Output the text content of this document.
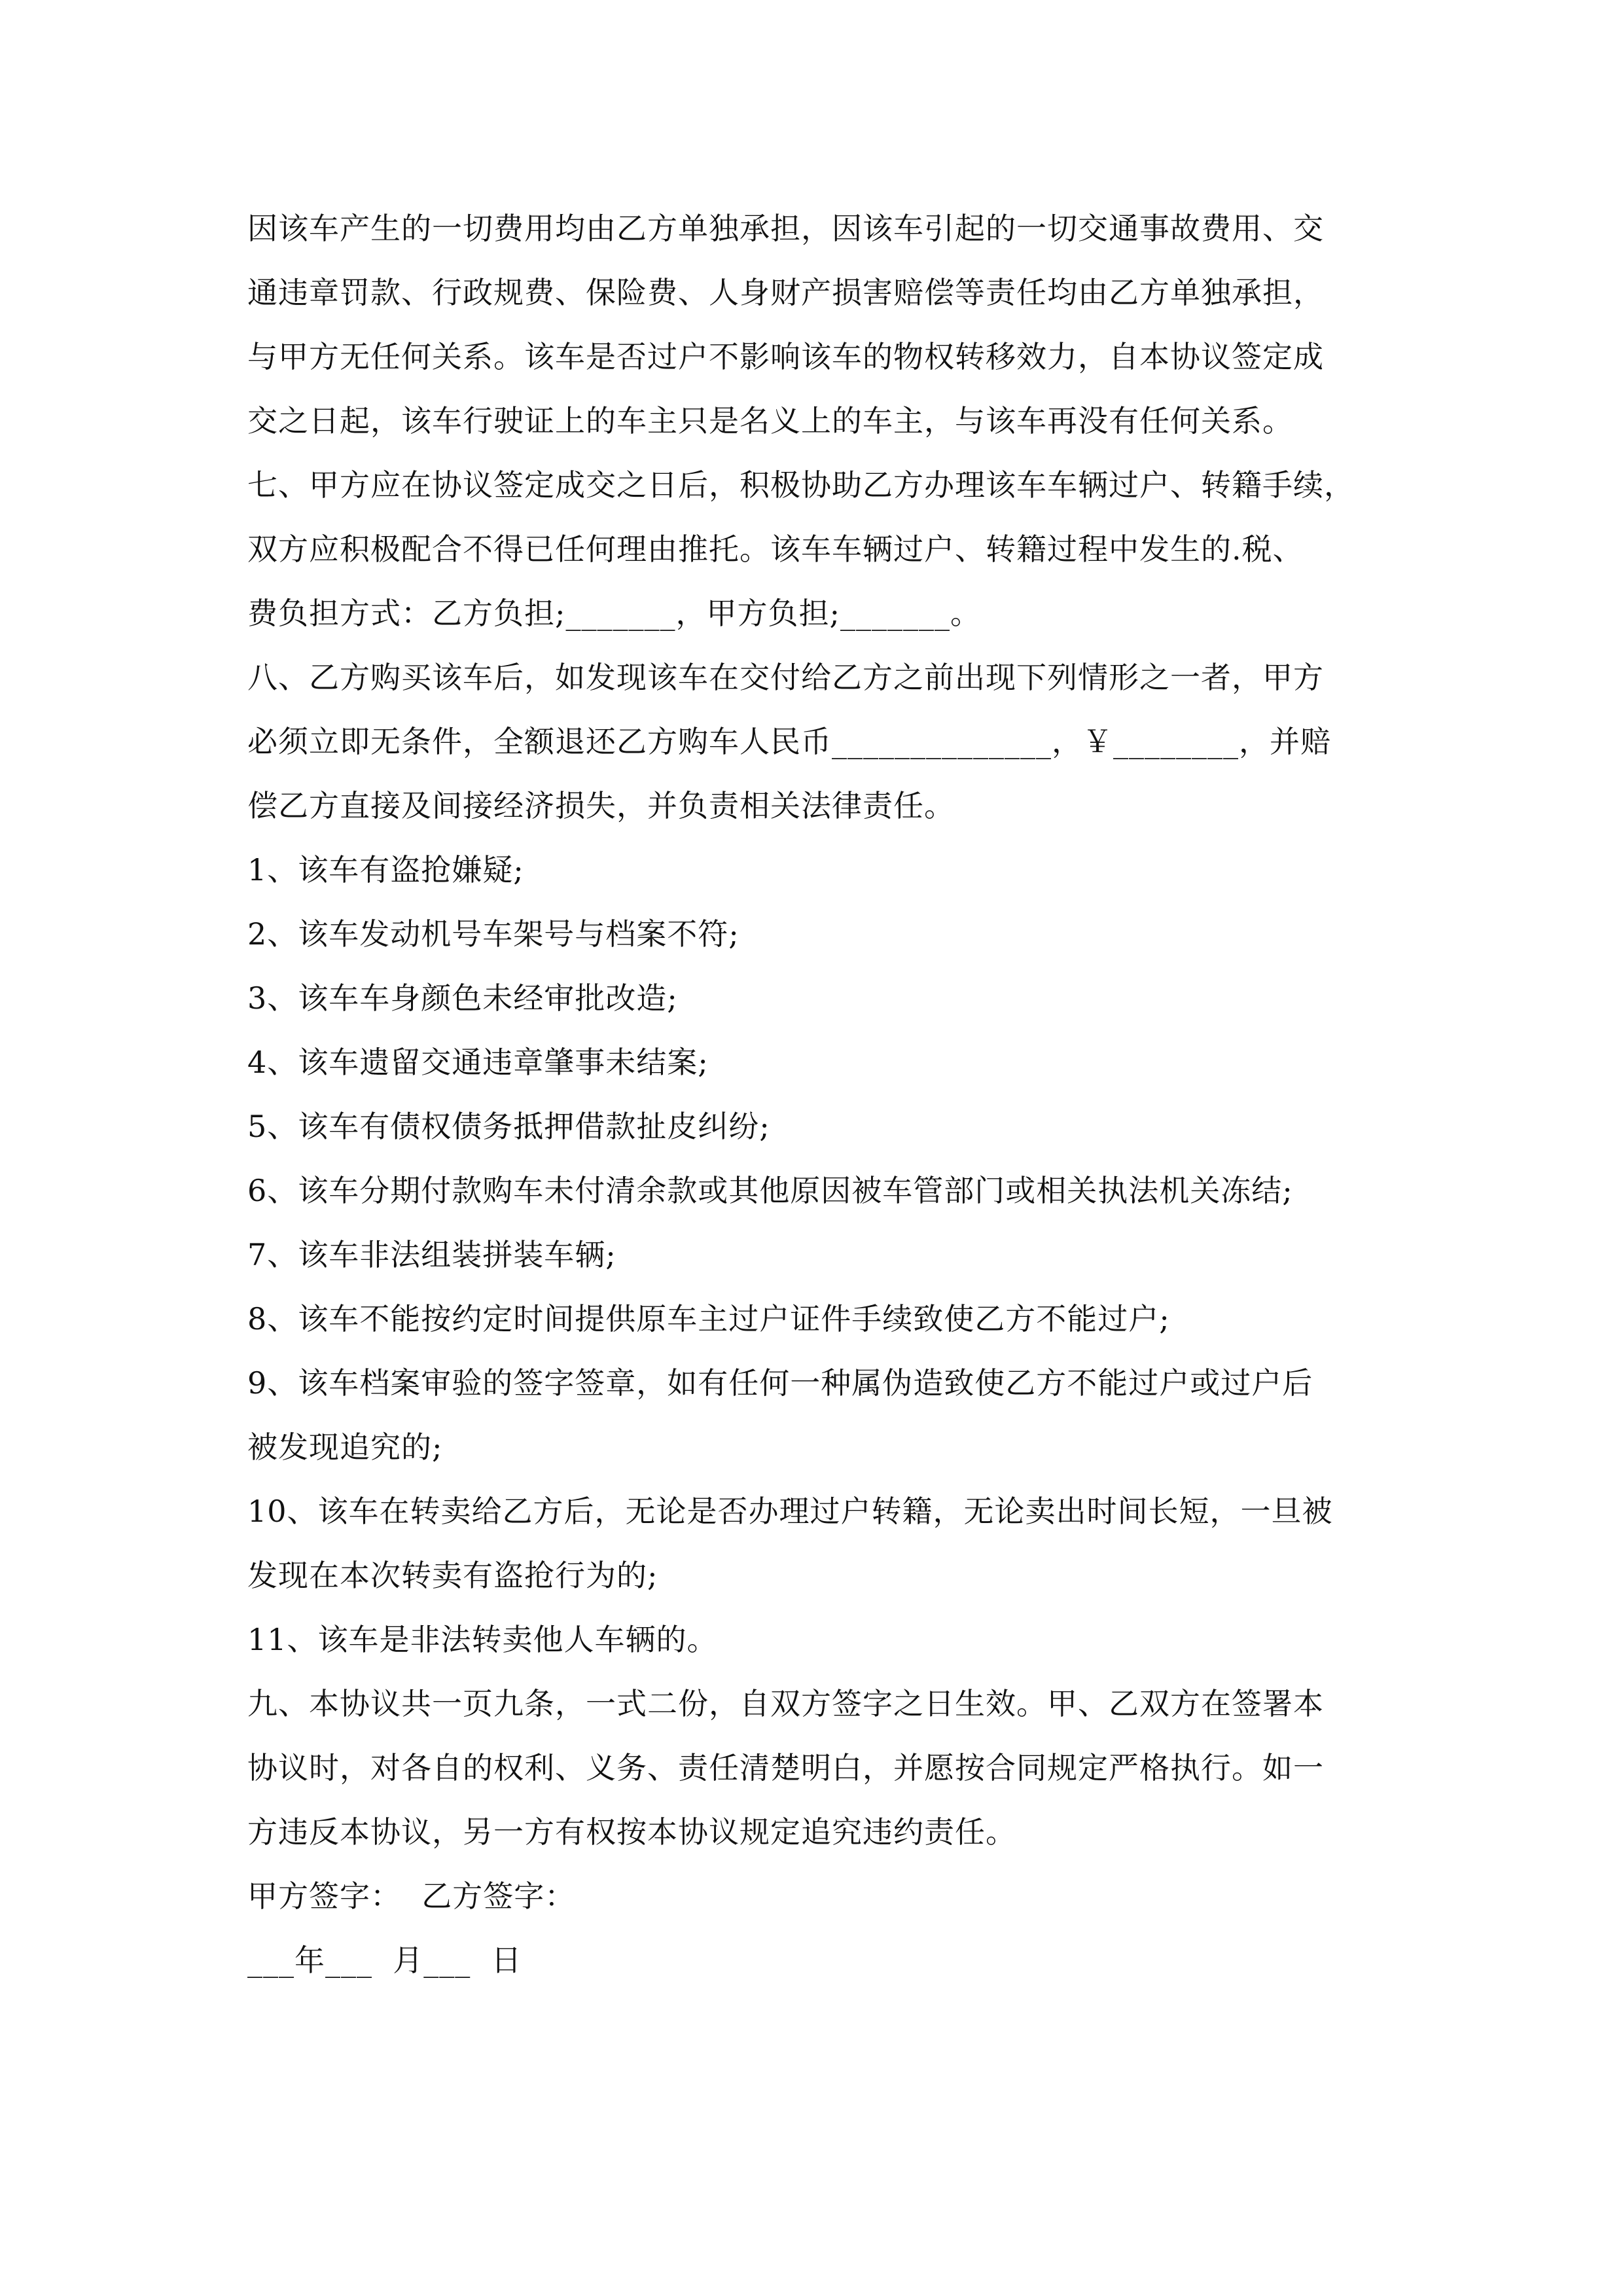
因该车产生的一切费用均由乙方单独承担，因该车引起的一切交通事故费用、交
通违章罚款、行政规费、保险费、人身财产损害赔偿等责任均由乙方单独承担，
与甲方无任何关系。该车是否过户不影响该车的物权转移效力，自本协议签定成
交之日起，该车行驶证上的车主只是名义上的车主，与该车再没有任何关系。
七、甲方应在协议签定成交之日后，积极协助乙方办理该车车辆过户、转籍手续，
双方应积极配合不得已任何理由推托。该车车辆过户、转籍过程中发生的.税、
费负担方式：乙方负担;_______，甲方负担;_______。
八、乙方购买该车后，如发现该车在交付给乙方之前出现下列情形之一者，甲方
必须立即无条件，全额退还乙方购车人民币______________，￥________，并赔
偿乙方直接及间接经济损失，并负责相关法律责任。
1、该车有盗抢嫌疑;
2、该车发动机号车架号与档案不符;
3、该车车身颜色未经审批改造;
4、该车遗留交通违章肇事未结案;
5、该车有债权债务抵押借款扯皮纠纷;
6、该车分期付款购车未付清余款或其他原因被车管部门或相关执法机关冻结;
7、该车非法组装拼装车辆;
8、该车不能按约定时间提供原车主过户证件手续致使乙方不能过户;
9、该车档案审验的签字签章，如有任何一种属伪造致使乙方不能过户或过户后
被发现追究的;
10、该车在转卖给乙方后，无论是否办理过户转籍，无论卖出时间长短，一旦被
发现在本次转卖有盗抢行为的;
11、该车是非法转卖他人车辆的。
九、本协议共一页九条，一式二份，自双方签字之日生效。甲、乙双方在签署本
协议时，对各自的权利、义务、责任清楚明白，并愿按合同规定严格执行。如一
方违反本协议，另一方有权按本协议规定追究违约责任。
甲方签字：  乙方签字：
___年___  月___  日
